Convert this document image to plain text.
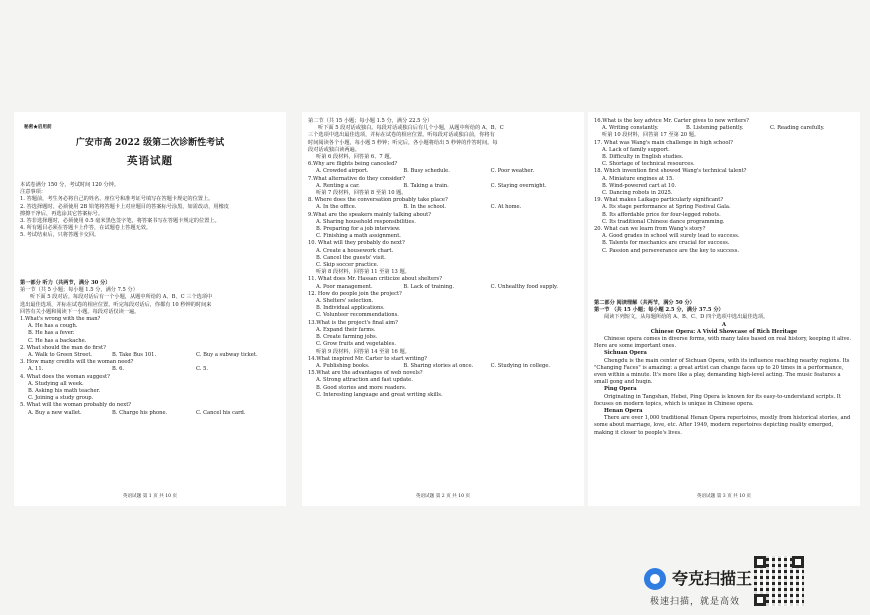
秘密★启用前
广安市高 2022 级第二次诊断性考试
英语试题
本试卷满分 150 分，考试时间 120 分钟。
注意事项：
1. 答题前，考生务必将自己的姓名、座位号和准考证号填写在答题卡规定的位置上。
2. 答选择题时，必须使用 2B 铅笔将答题卡上对应题目的答案标号涂黑，如需改动，用橡皮
擦擦干净后，再选涂其它答案标号。
3. 答非选择题时，必须使用 0.5 毫米黑色签字笔，将答案书写在答题卡规定的位置上。
4. 所有题目必须在答题卡上作答，在试题卷上答题无效。
5. 考试结束后，只将答题卡交回。
第一部分 听力（共两节，满分 30 分）
第一节（共 5 小题；每小题 1.5 分，满分 7.5 分）
听下面 5 段对话。每段对话后有一个小题，从题中所给的 A、B、C 三个选项中
选出最佳选项，并标在试卷的相应位置。听完每段对话后，你都有 10 秒钟的时间来
回答有关小题和阅读下一小题。每段对话仅读一遍。
1.What's wrong with the man?
A. He has a cough.
B. He has a fever.
C. He has a backache.
2. What should the man do first?
A. Walk to Green Street.	B. Take Bus 101.	C. Buy a subway ticket.
3. How many credits will the woman need?
A. 11.	B. 6.	C. 5.
4. What does the woman suggest?
A. Studying all week.
B. Asking his math teacher.
C. Joining a study group.
5. What will the woman probably do next?
A. Buy a new wallet.	B. Charge his phone.	C. Cancel his card.
英语试题 第 1 页 共 10 页
第二节（共 15 小题；每小题 1.5 分，满分 22.5 分）
听下面 5 段对话或独白。每段对话或独白后有几个小题，从题中所给的 A、B、C
三个选项中选出最佳选项，并标在试卷的相应位置。听每段对话或独白前，你将有
时间阅读各个小题，每小题 5 秒钟；听完后，各小题将给出 5 秒钟的作答时间。每
段对话或独白读两遍。
听第 6 段材料，回答第 6、7 题。
6.Why are flights being canceled?
A. Crowded airport.	B. Busy schedule.	C. Poor weather.
7.What alternative do they consider?
A. Renting a car.	B. Taking a train.	C. Staying overnight.
听第 7 段材料，回答第 8 至第 10 题。
8. Where does the conversation probably take place?
A. In the office.	B. In the school.	C. At home.
9.What are the speakers mainly talking about?
A. Sharing household responsibilities.
B. Preparing for a job interview.
C. Finishing a math assignment.
10. What will they probably do next?
A. Create a housework chart.
B. Cancel the guests' visit.
C. Skip soccer practice.
听第 8 段材料，回答第 11 至第 13 题。
11. What does Mr. Hassan criticize about shelters?
A. Poor management.	B. Lack of training.	C. Unhealthy food supply.
12. How do people join the project?
A. Shelters' selection.
B. Individual applications.
C. Volunteer recommendations.
13.What is the project's final aim?
A. Expand their farms.
B. Create farming jobs.
C. Grow fruits and vegetables.
听第 9 段材料，回答第 14 至第 16 题。
14.What inspired Mr. Carter to start writing?
A. Publishing books.	B. Sharing stories at once.	C. Studying in college.
15.What are the advantages of web novels?
A. Strong attraction and fast update.
B. Good stories and more readers.
C. Interesting language and great writing skills.
英语试题 第 2 页 共 10 页
16.What is the key advice Mr. Carter gives to new writers?
A. Writing constantly.	B. Listening patiently.	C. Reading carefully.
听第 10 段材料，回答第 17 至第 20 题。
17. What was Wang's main challenge in high school?
A. Lack of family support.
B. Difficulty in English studies.
C. Shortage of technical resources.
18. Which invention first showed Wang's technical talent?
A. Miniature engines at 15.
B. Wind-powered cart at 10.
C. Dancing robots in 2025.
19. What makes Laikago particularly significant?
A. Its stage performance at Spring Festival Gala.
B. Its affordable price for four-legged robots.
C. Its traditional Chinese dance programming.
20. What can we learn from Wang's story?
A. Good grades in school will surely lead to success.
B. Talents for mechanics are crucial for success.
C. Passion and perseverance are the key to success.
第二部分 阅读理解（共两节，满分 50 分）
第一节 （共 15 小题；每小题 2.5 分，满分 37.5 分）
阅读下列短文，从每题所给的 A、B、C、D 四个选项中选出最佳选项。
A
Chinese Opera: A Vivid Showcase of Rich Heritage
Chinese opera comes in diverse forms, with many tales based on real history, keeping it alive. Here are some important ones.
Sichuan Opera
Chengdu is the main center of Sichuan Opera, with its influence reaching nearby regions. Its "Changing Faces" is amazing: a great artist can change faces up to 20 times in a performance, even within a minute. It's more like a play, demanding high-level acting. The music features a small gong and huqin.
Ping Opera
Originating in Tangshan, Hebei, Ping Opera is known for its easy-to-understand scripts. It focuses on modern topics, which is unique in Chinese opera.
Henan Opera
There are over 1,000 traditional Henan Opera repertoires, mostly from historical stories, and some about marriage, love, etc. After 1949, modern repertoires depicting reality emerged, making it closer to people's lives.
英语试题 第 3 页 共 10 页
夸克扫描王
极速扫描，就是高效
